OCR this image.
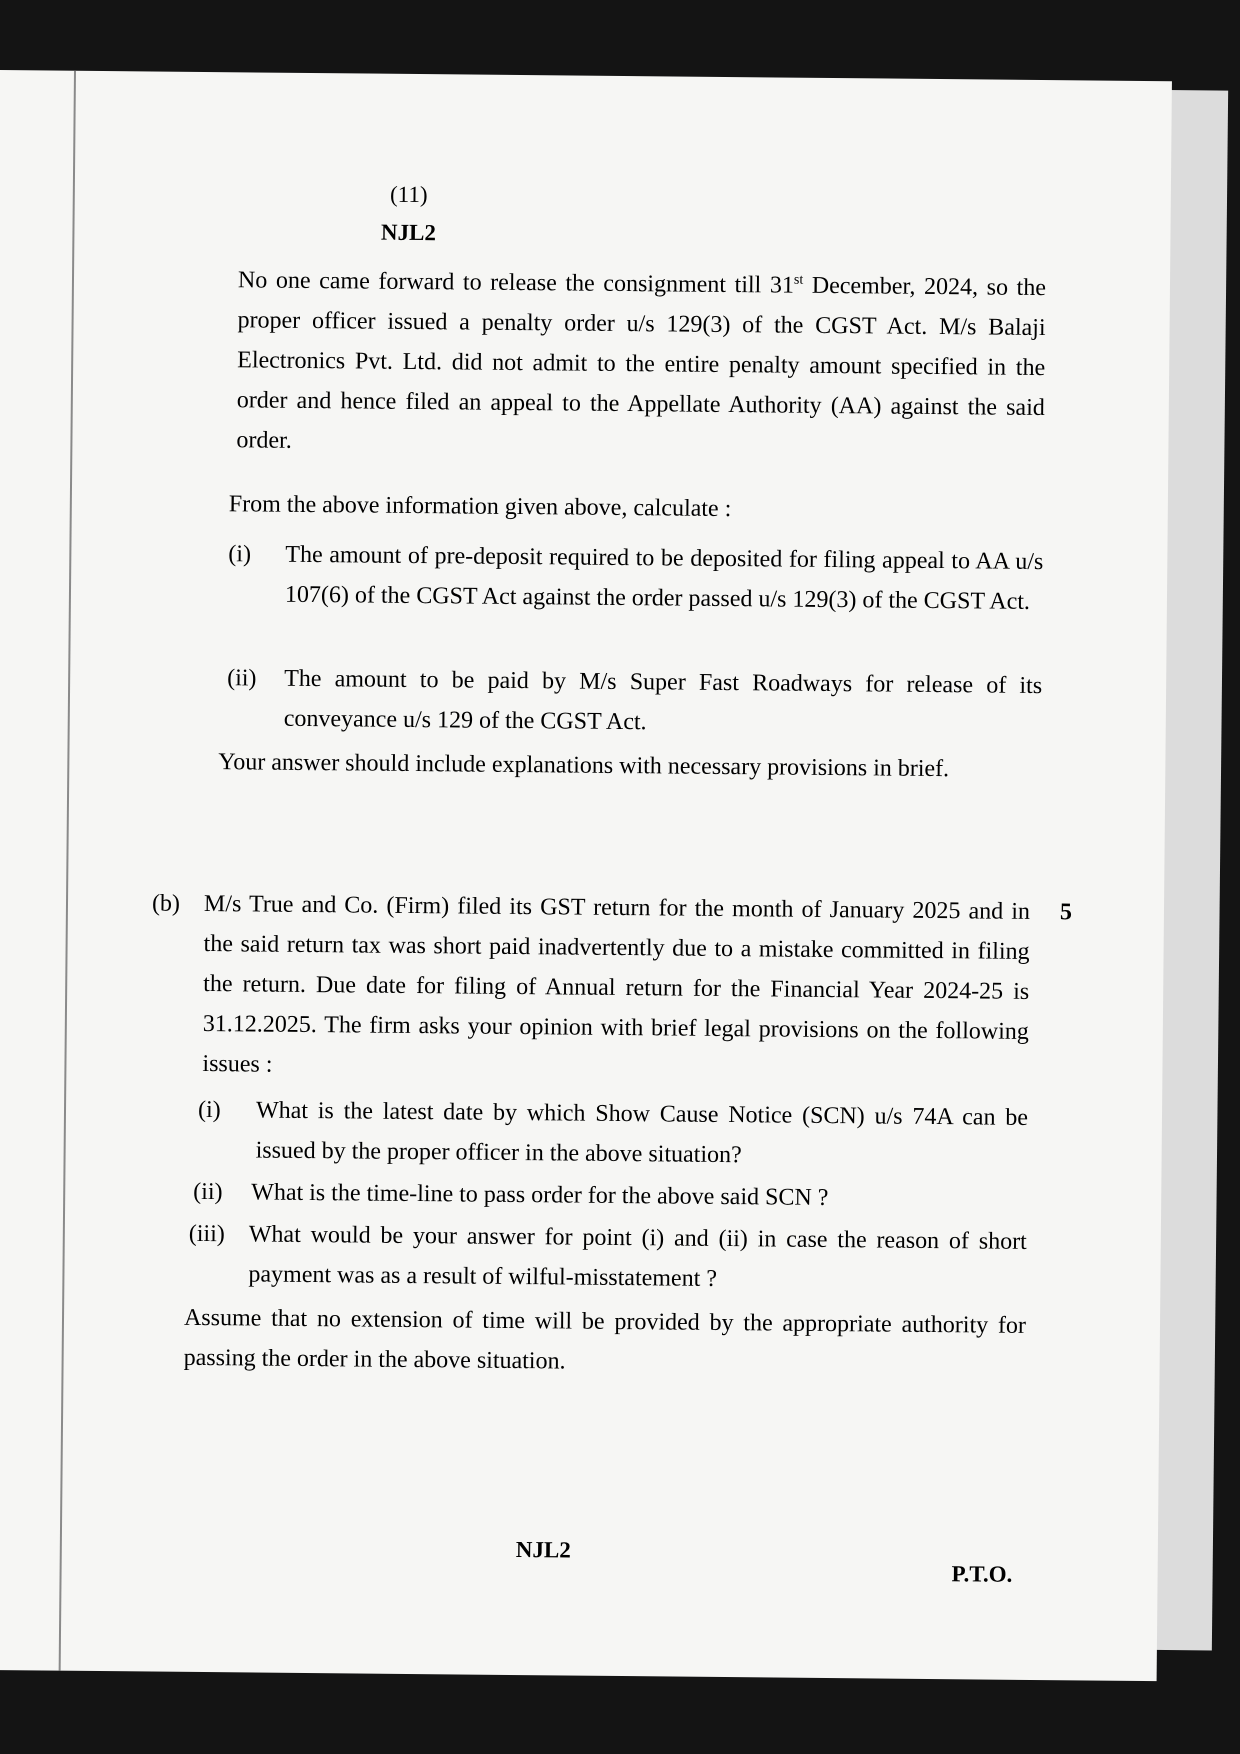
(11)
NJL2
No one came forward to release the consignment till 31st December, 2024, so the proper officer issued a penalty order u/s 129(3) of the CGST Act. M/s Balaji Electronics Pvt. Ltd. did not admit to the entire penalty amount specified in the order and hence filed an appeal to the Appellate Authority (AA) against the said order.
From the above information given above, calculate :
(i)	The amount of pre-deposit required to be deposited for filing appeal to AA u/s 107(6) of the CGST Act against the order passed u/s 129(3) of the CGST Act.
(ii)	The amount to be paid by M/s Super Fast Roadways for release of its conveyance u/s 129 of the CGST Act.
Your answer should include explanations with necessary provisions in brief.
(b)	5
M/s True and Co. (Firm) filed its GST return for the month of January 2025 and in the said return tax was short paid inadvertently due to a mistake committed in filing the return. Due date for filing of Annual return for the Financial Year 2024-25 is 31.12.2025. The firm asks your opinion with brief legal provisions on the following issues :
(i)	What is the latest date by which Show Cause Notice (SCN) u/s 74A can be issued by the proper officer in the above situation?
(ii)	What is the time-line to pass order for the above said SCN ?
(iii) What would be your answer for point (i) and (ii) in case the reason of short payment was as a result of wilful-misstatement ?
Assume that no extension of time will be provided by the appropriate authority for passing the order in the above situation.
NJL2
P.T.O.
